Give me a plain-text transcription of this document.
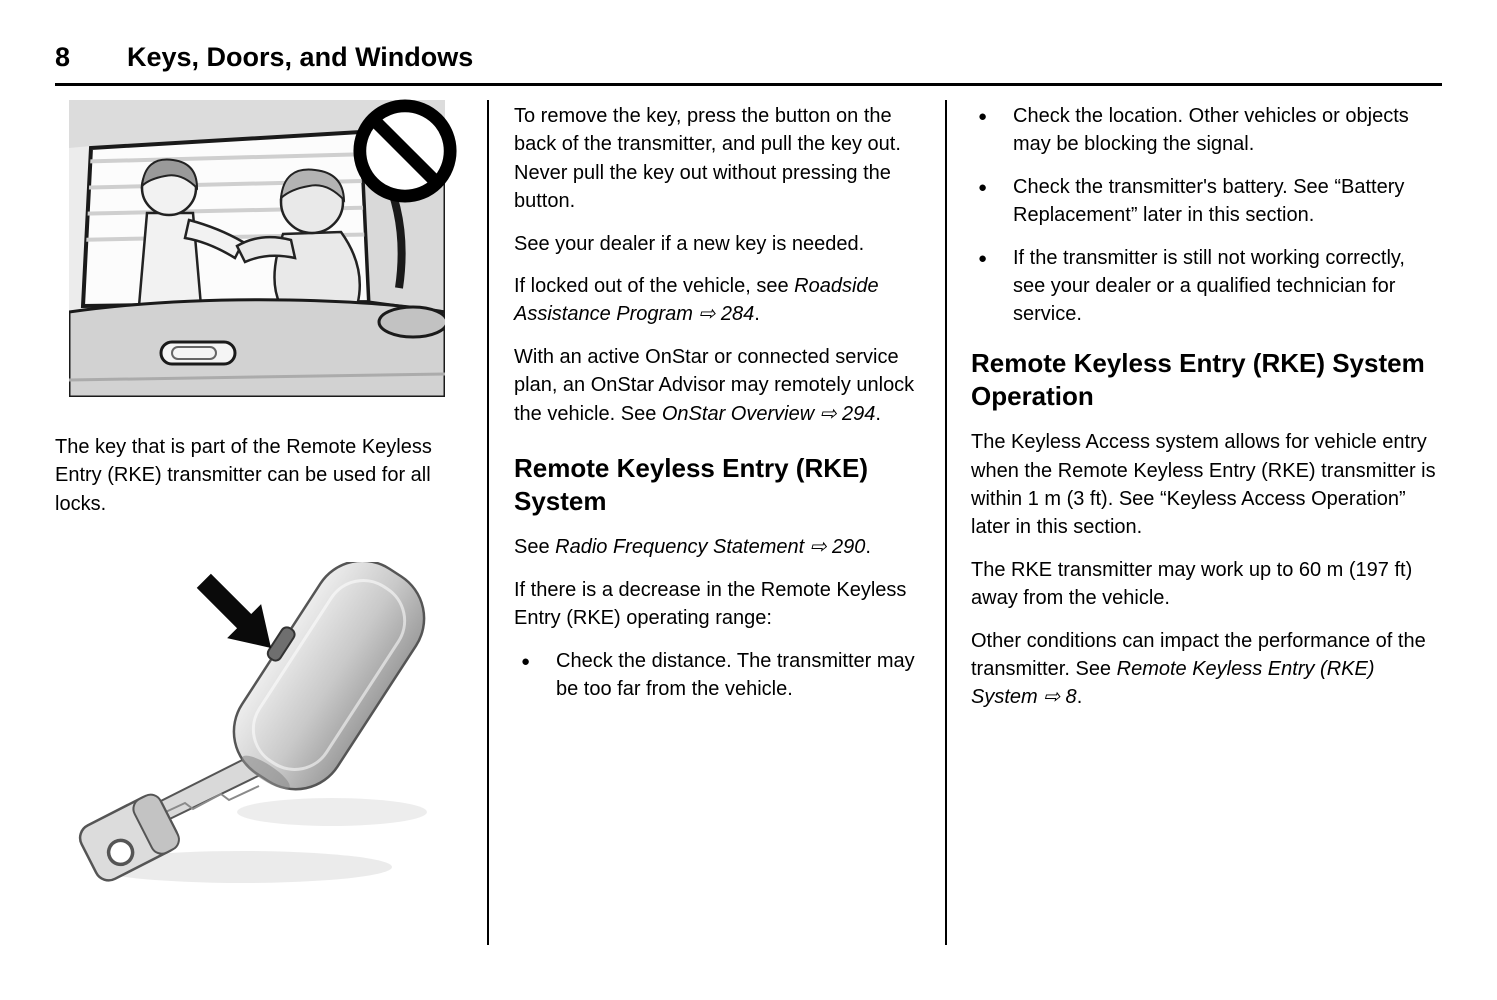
8	Keys, Doors, and Windows

The key that is part of the Remote Keyless Entry (RKE) transmitter can be used for all locks.

To remove the key, press the button on the back of the transmitter, and pull the key out. Never pull the key out without pressing the button.

See your dealer if a new key is needed.

If locked out of the vehicle, see Roadside Assistance Program ⇨ 284.

With an active OnStar or connected service plan, an OnStar Advisor may remotely unlock the vehicle. See OnStar Overview ⇨ 294.

Remote Keyless Entry (RKE) System

See Radio Frequency Statement ⇨ 290.

If there is a decrease in the Remote Keyless Entry (RKE) operating range:

● Check the distance. The transmitter may be too far from the vehicle.
● Check the location. Other vehicles or objects may be blocking the signal.
● Check the transmitter's battery. See “Battery Replacement” later in this section.
● If the transmitter is still not working correctly, see your dealer or a qualified technician for service.
Remote Keyless Entry (RKE) System Operation

The Keyless Access system allows for vehicle entry when the Remote Keyless Entry (RKE) transmitter is within 1 m (3 ft). See “Keyless Access Operation” later in this section.

The RKE transmitter may work up to 60 m (197 ft) away from the vehicle.

Other conditions can impact the performance of the transmitter. See Remote Keyless Entry (RKE) System ⇨ 8.
